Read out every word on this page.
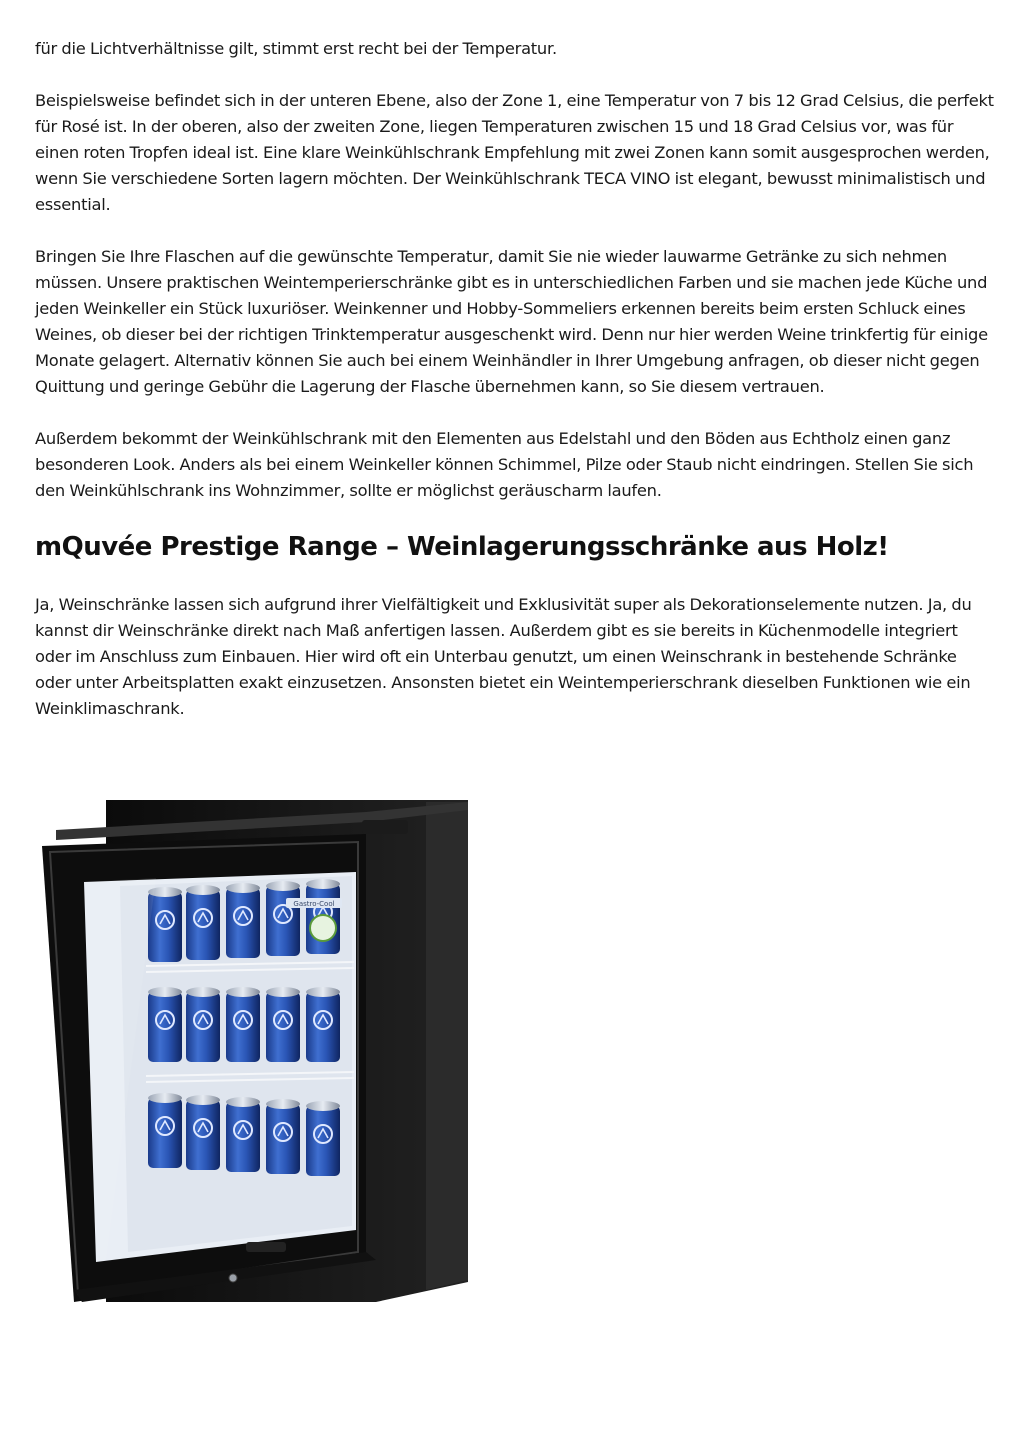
für die Lichtverhältnisse gilt, stimmt erst recht bei der Temperatur.

Beispielsweise befindet sich in der unteren Ebene, also der Zone 1, eine Temperatur von 7 bis 12 Grad Celsius, die perfekt für Rosé ist. In der oberen, also der zweiten Zone, liegen Temperaturen zwischen 15 und 18 Grad Celsius vor, was für einen roten Tropfen ideal ist. Eine klare Weinkühlschrank Empfehlung mit zwei Zonen kann somit ausgesprochen werden, wenn Sie verschiedene Sorten lagern möchten. Der Weinkühlschrank TECA VINO ist elegant, bewusst minimalistisch und essential.

Bringen Sie Ihre Flaschen auf die gewünschte Temperatur, damit Sie nie wieder lauwarme Getränke zu sich nehmen müssen. Unsere praktischen Weintemperierschränke gibt es in unterschiedlichen Farben und sie machen jede Küche und jeden Weinkeller ein Stück luxuriöser. Weinkenner und Hobby-Sommeliers erkennen bereits beim ersten Schluck eines Weines, ob dieser bei der richtigen Trinktemperatur ausgeschenkt wird. Denn nur hier werden Weine trinkfertig für einige Monate gelagert. Alternativ können Sie auch bei einem Weinhändler in Ihrer Umgebung anfragen, ob dieser nicht gegen Quittung und geringe Gebühr die Lagerung der Flasche übernehmen kann, so Sie diesem vertrauen.

Außerdem bekommt der Weinkühlschrank mit den Elementen aus Edelstahl und den Böden aus Echtholz einen ganz besonderen Look. Anders als bei einem Weinkeller können Schimmel, Pilze oder Staub nicht eindringen. Stellen Sie sich den Weinkühlschrank ins Wohnzimmer, sollte er möglichst geräuscharm laufen.

mQuvée Prestige Range – Weinlagerungsschränke aus Holz!

Ja, Weinschränke lassen sich aufgrund ihrer Vielfältigkeit und Exklusivität super als Dekorationselemente nutzen. Ja, du kannst dir Weinschränke direkt nach Maß anfertigen lassen. Außerdem gibt es sie bereits in Küchenmodelle integriert oder im Anschluss zum Einbauen. Hier wird oft ein Unterbau genutzt, um einen Weinschrank in bestehende Schränke oder unter Arbeitsplatten exakt einzusetzen. Ansonsten bietet ein Weintemperierschrank dieselben Funktionen wie ein Weinklimaschrank.

Gastro-Cool
